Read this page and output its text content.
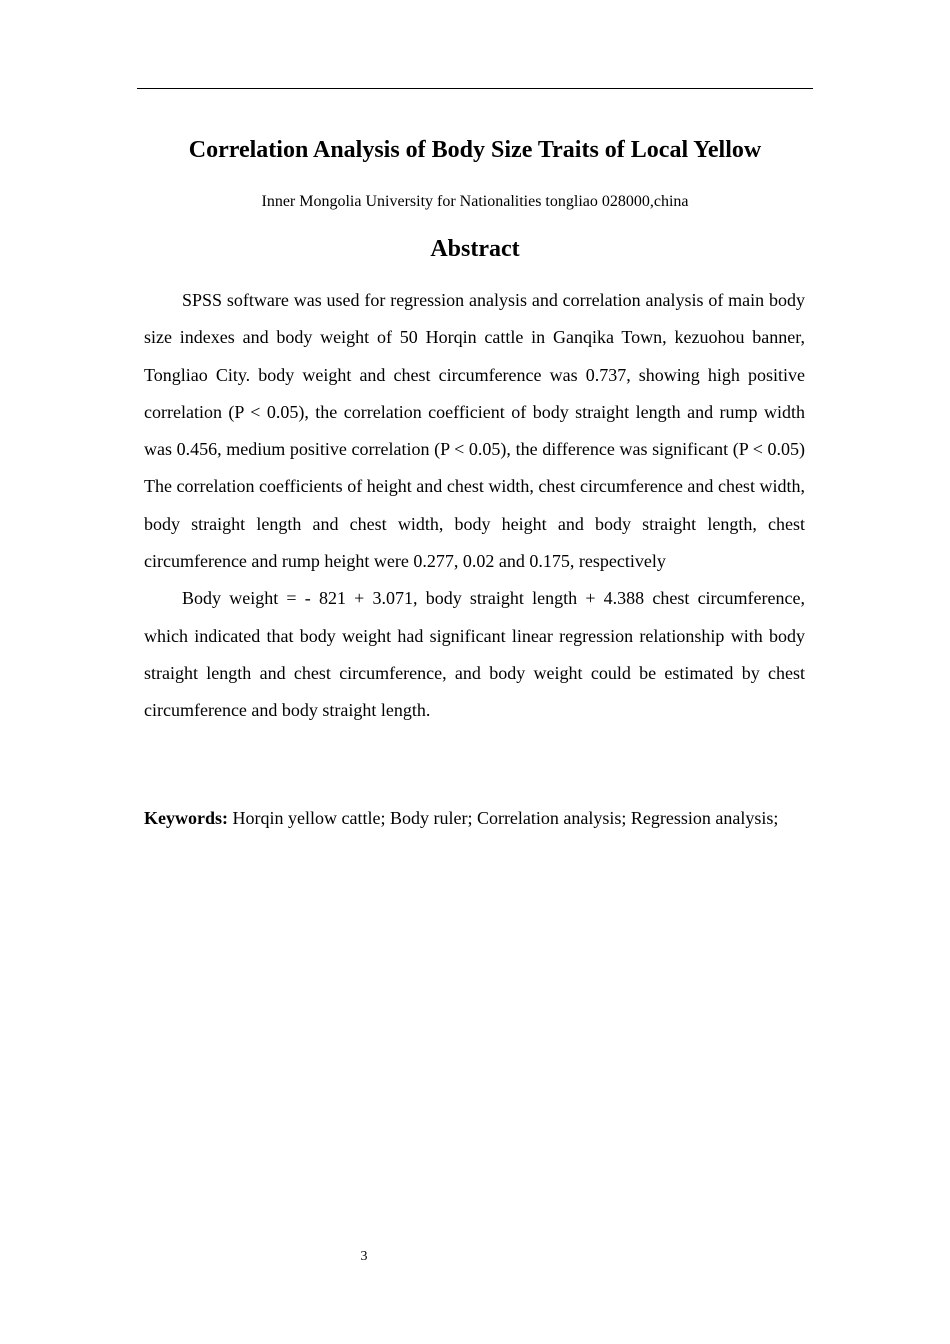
Correlation Analysis of Body Size Traits of Local Yellow

Inner Mongolia University for Nationalities tongliao 028000,china

Abstract

SPSS software was used for regression analysis and correlation analysis of main body size indexes and body weight of 50 Horqin cattle in Ganqika Town, kezuohou banner, Tongliao City. body weight and chest circumference was 0.737, showing high positive correlation (P < 0.05), the correlation coefficient of body straight length and rump width was 0.456, medium positive correlation (P < 0.05), the difference was significant (P < 0.05) The correlation coefficients of height and chest width, chest circumference and chest width, body straight length and chest width, body height and body straight length, chest circumference and rump height were 0.277, 0.02 and 0.175, respectively

Body weight = - 821 + 3.071, body straight length + 4.388 chest circumference, which indicated that body weight had significant linear regression relationship with body straight length and chest circumference, and body weight could be estimated by chest circumference and body straight length.

Keywords: Horqin yellow cattle; Body ruler; Correlation analysis; Regression analysis;

3
